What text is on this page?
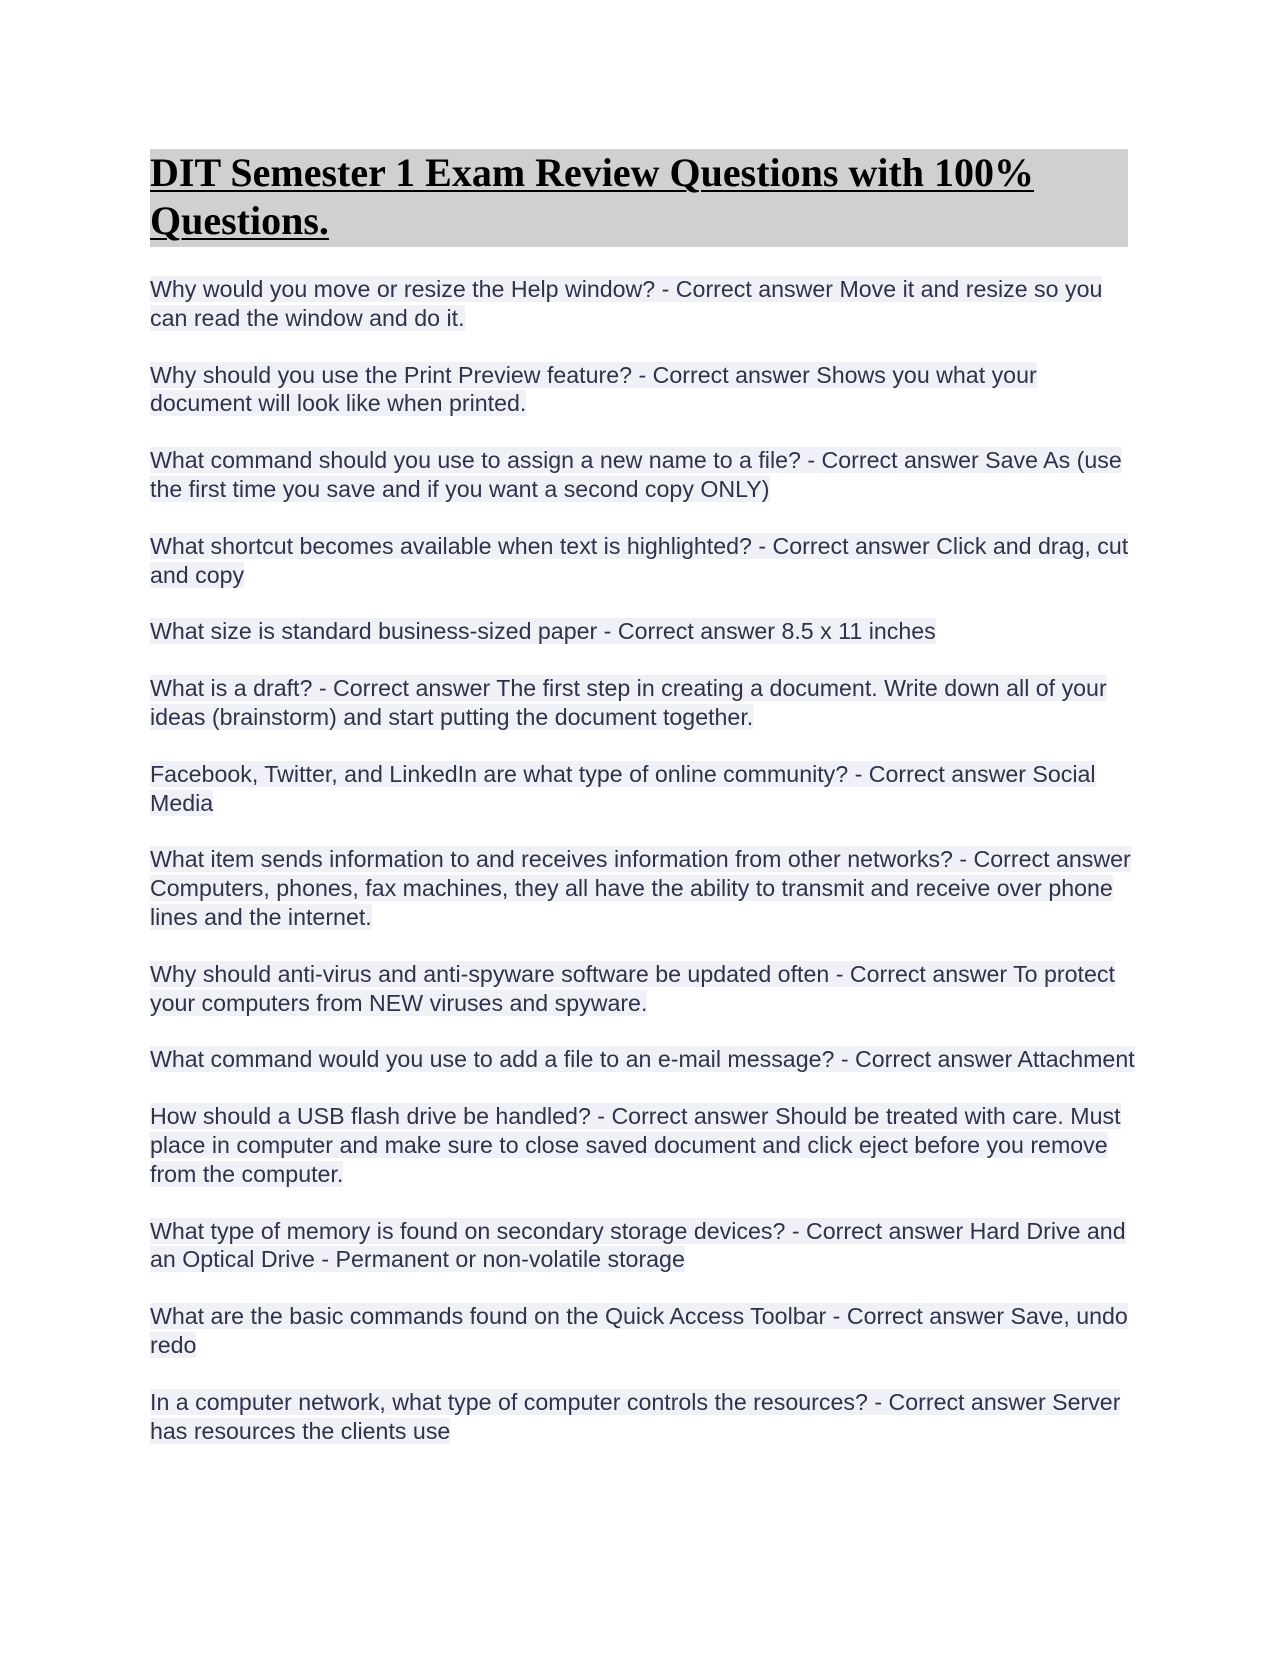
DIT Semester 1 Exam Review Questions with 100% Questions.

Why would you move or resize the Help window? - Correct answer Move it and resize so you can read the window and do it.

Why should you use the Print Preview feature? - Correct answer Shows you what your document will look like when printed.

What command should you use to assign a new name to a file? - Correct answer Save As (use the first time you save and if you want a second copy ONLY)

What shortcut becomes available when text is highlighted? - Correct answer Click and drag, cut and copy

What size is standard business-sized paper - Correct answer 8.5 x 11 inches

What is a draft? - Correct answer The first step in creating a document. Write down all of your ideas (brainstorm) and start putting the document together.

Facebook, Twitter, and LinkedIn are what type of online community? - Correct answer Social Media

What item sends information to and receives information from other networks? - Correct answer Computers, phones, fax machines, they all have the ability to transmit and receive over phone lines and the internet.

Why should anti-virus and anti-spyware software be updated often - Correct answer To protect your computers from NEW viruses and spyware.

What command would you use to add a file to an e-mail message? - Correct answer Attachment

How should a USB flash drive be handled? - Correct answer Should be treated with care. Must place in computer and make sure to close saved document and click eject before you remove from the computer.

What type of memory is found on secondary storage devices? - Correct answer Hard Drive and an Optical Drive - Permanent or non-volatile storage

What are the basic commands found on the Quick Access Toolbar - Correct answer Save, undo redo

In a computer network, what type of computer controls the resources? - Correct answer Server has resources the clients use
